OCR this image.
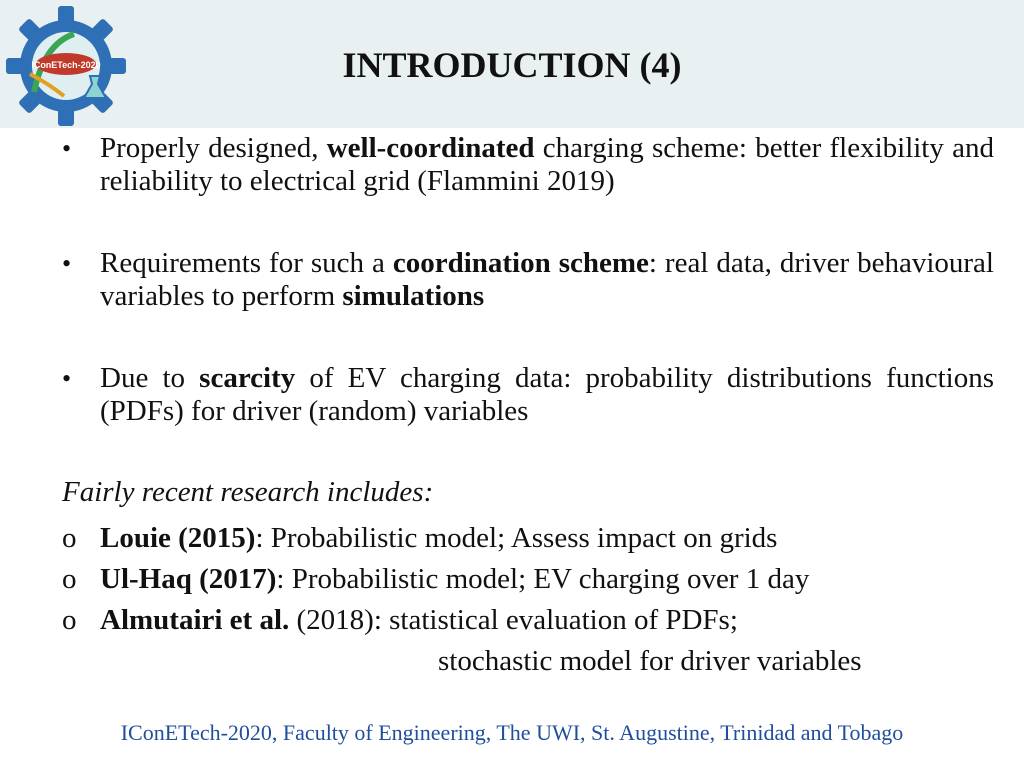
IConETech-2020	INTRODUCTION (4)
• Properly designed, well-coordinated charging scheme: better flexibility and reliability to electrical grid (Flammini 2019)
• Requirements for such a coordination scheme: real data, driver behavioural variables to perform simulations
• Due to scarcity of EV charging data: probability distributions functions (PDFs) for driver (random) variables
Fairly recent research includes:
o Louie (2015): Probabilistic model; Assess impact on grids
o Ul-Haq (2017): Probabilistic model; EV charging over 1 day
o Almutairi et al. (2018): statistical evaluation of PDFs;
stochastic model for driver variables
IConETech-2020, Faculty of Engineering, The UWI, St. Augustine, Trinidad and Tobago
